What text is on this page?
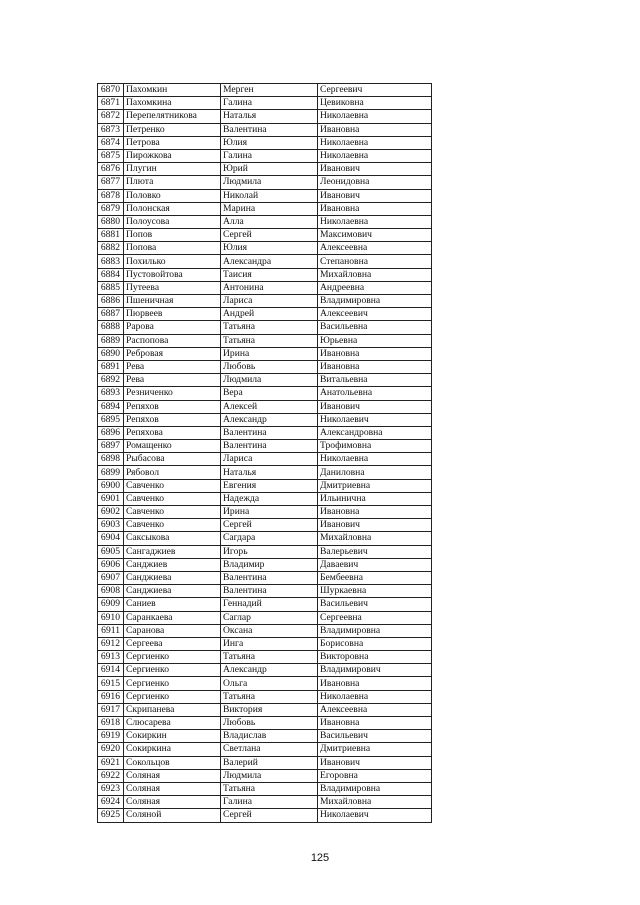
6870	Пахомкин	Мерген	Сергеевич
6871	Пахомкина	Галина	Цевиковна
6872	Перепелятникова	Наталья	Николаевна
6873	Петренко	Валентина	Ивановна
6874	Петрова	Юлия	Николаевна
6875	Пирожкова	Галина	Николаевна
6876	Плугин	Юрий	Иванович
6877	Плюта	Людмила	Леонидовна
6878	Половко	Николай	Иванович
6879	Полонская	Марина	Ивановна
6880	Полоусова	Алла	Николаевна
6881	Попов	Сергей	Максимович
6882	Попова	Юлия	Алексеевна
6883	Похилько	Александра	Степановна
6884	Пустовойтова	Таисия	Михайловна
6885	Путеева	Антонина	Андреевна
6886	Пшеничная	Лариса	Владимировна
6887	Пюрвеев	Андрей	Алексеевич
6888	Рарова	Татьяна	Васильевна
6889	Распопова	Татьяна	Юрьевна
6890	Ребровая	Ирина	Ивановна
6891	Рева	Любовь	Ивановна
6892	Рева	Людмила	Витальевна
6893	Резниченко	Вера	Анатольевна
6894	Репяхов	Алексей	Иванович
6895	Репяхов	Александр	Николаевич
6896	Репяхова	Валентина	Александровна
6897	Ромащенко	Валентина	Трофимовна
6898	Рыбасова	Лариса	Николаевна
6899	Рябовол	Наталья	Даниловна
6900	Савченко	Евгения	Дмитриевна
6901	Савченко	Надежда	Ильинична
6902	Савченко	Ирина	Ивановна
6903	Савченко	Сергей	Иванович
6904	Саксыкова	Сагдара	Михайловна
6905	Сангаджиев	Игорь	Валерьевич
6906	Санджиев	Владимир	Даваевич
6907	Санджиева	Валентина	Бембеевна
6908	Санджиева	Валентина	Шуркаевна
6909	Саниев	Геннадий	Васильевич
6910	Саранкаева	Саглар	Сергеевна
6911	Саранова	Оксана	Владимировна
6912	Сергеева	Инга	Борисовна
6913	Сергиенко	Татьяна	Викторовна
6914	Сергиенко	Александр	Владимирович
6915	Сергиенко	Ольга	Ивановна
6916	Сергиенко	Татьяна	Николаевна
6917	Скрипанева	Виктория	Алексеевна
6918	Слюсарева	Любовь	Ивановна
6919	Сокиркин	Владислав	Васильевич
6920	Сокиркина	Светлана	Дмитриевна
6921	Сокольцов	Валерий	Иванович
6922	Соляная	Людмила	Егоровна
6923	Соляная	Татьяна	Владимировна
6924	Соляная	Галина	Михайловна
6925	Соляной	Сергей	Николаевич
125
